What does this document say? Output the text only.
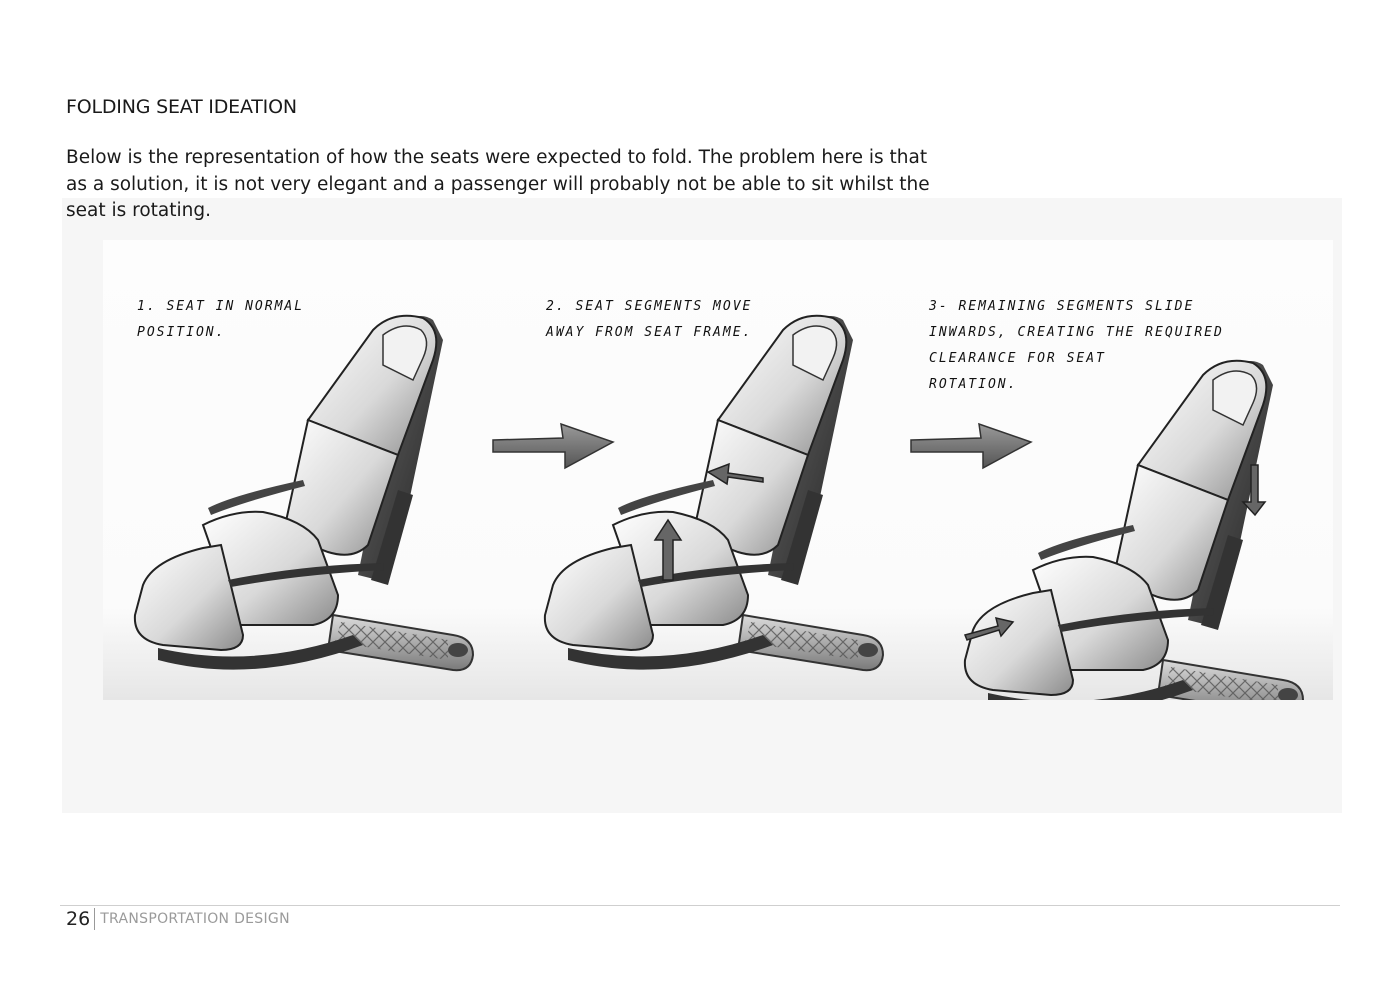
FOLDING SEAT IDEATION

Below is the representation of how the seats were expected to fold. The problem here is that as a solution, it is not very elegant and a passenger will probably not be able to sit whilst the seat is rotating.

1. SEAT IN NORMAL
POSITION.
2. SEAT SEGMENTS MOVE
AWAY FROM SEAT FRAME.
3- REMAINING SEGMENTS SLIDE
INWARDS, CREATING THE REQUIRED
CLEARANCE FOR SEAT
ROTATION.
26 TRANSPORTATION DESIGN
